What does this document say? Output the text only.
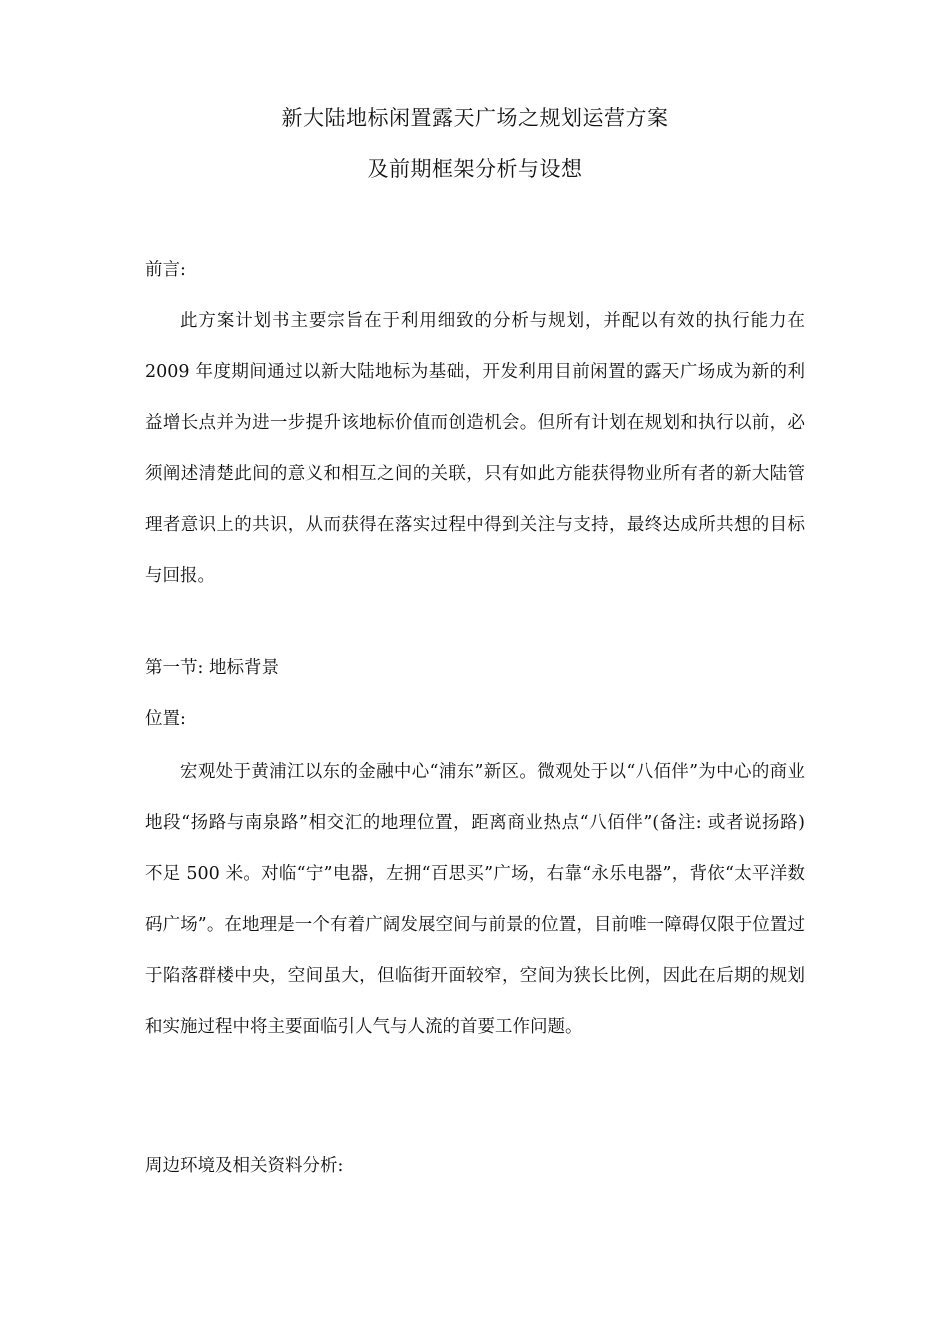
新大陆地标闲置露天广场之规划运营方案
及前期框架分析与设想
前言:

此方案计划书主要宗旨在于利用细致的分析与规划，并配以有效的执行能力在 2009 年度期间通过以新大陆地标为基础，开发利用目前闲置的露天广场成为新的利益增长点并为进一步提升该地标价值而创造机会。但所有计划在规划和执行以前，必须阐述清楚此间的意义和相互之间的关联，只有如此方能获得物业所有者的新大陆管理者意识上的共识，从而获得在落实过程中得到关注与支持，最终达成所共想的目标与回报。

第一节: 地标背景
位置:

宏观处于黄浦江以东的金融中心“浦东”新区。微观处于以“八佰伴”为中心的商业地段“扬路与南泉路”相交汇的地理位置，距离商业热点“八佰伴”(备注: 或者说扬路) 不足 500 米。对临“宁”电器，左拥“百思买”广场，右靠“永乐电器”，背依“太平洋数码广场”。在地理是一个有着广阔发展空间与前景的位置，目前唯一障碍仅限于位置过于陷落群楼中央，空间虽大，但临街开面较窄，空间为狭长比例，因此在后期的规划和实施过程中将主要面临引人气与人流的首要工作问题。

周边环境及相关资料分析:
